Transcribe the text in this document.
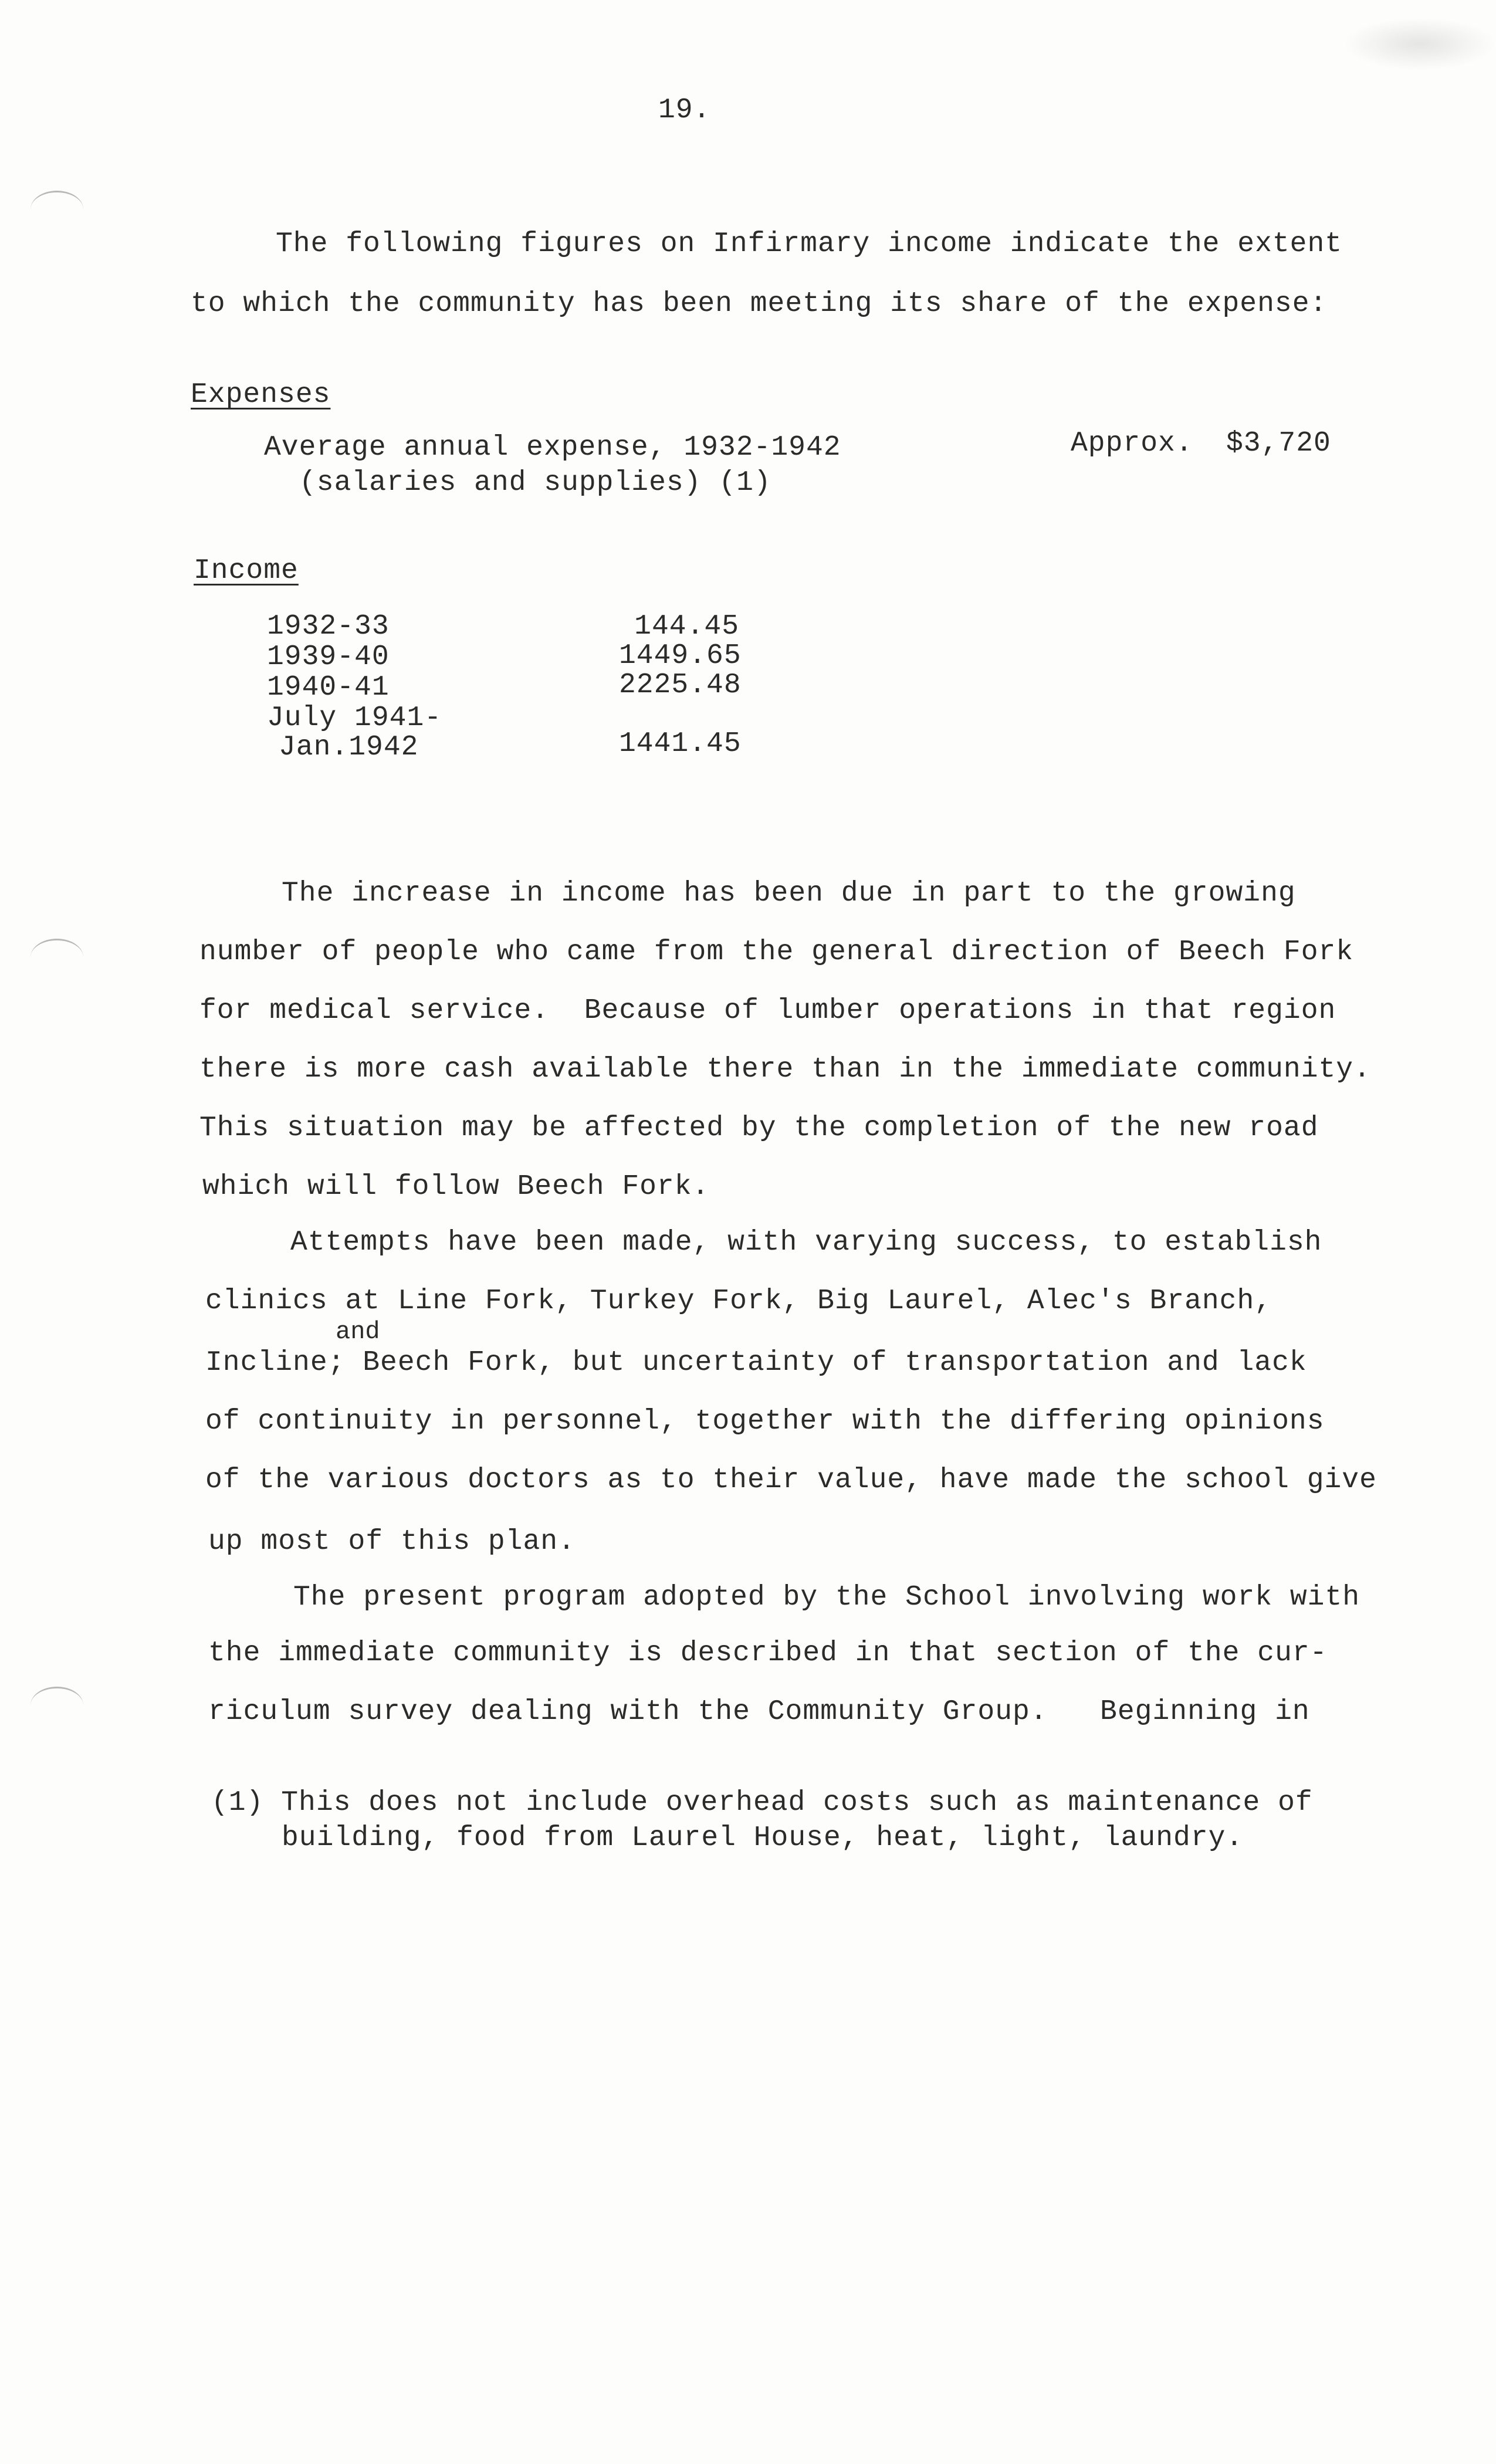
19.
The following figures on Infirmary income indicate the extent
to which the community has been meeting its share of the expense:
Expenses
Average annual expense, 1932-1942
(salaries and supplies) (1)
Approx. $3,720
Income
1932-33	144.45
1939-40	1449.65
1940-41	2225.48
July 1941-
Jan.1942	1441.45
The increase in income has been due in part to the growing
number of people who came from the general direction of Beech Fork
for medical service.  Because of lumber operations in that region
there is more cash available there than in the immediate community.
This situation may be affected by the completion of the new road
which will follow Beech Fork.
Attempts have been made, with varying success, to establish
clinics at Line Fork, Turkey Fork, Big Laurel, Alec's Branch,
and
Incline; Beech Fork, but uncertainty of transportation and lack
of continuity in personnel, together with the differing opinions
of the various doctors as to their value, have made the school give
up most of this plan.
The present program adopted by the School involving work with
the immediate community is described in that section of the cur-
riculum survey dealing with the Community Group.   Beginning in
(1) This does not include overhead costs such as maintenance of
building, food from Laurel House, heat, light, laundry.
